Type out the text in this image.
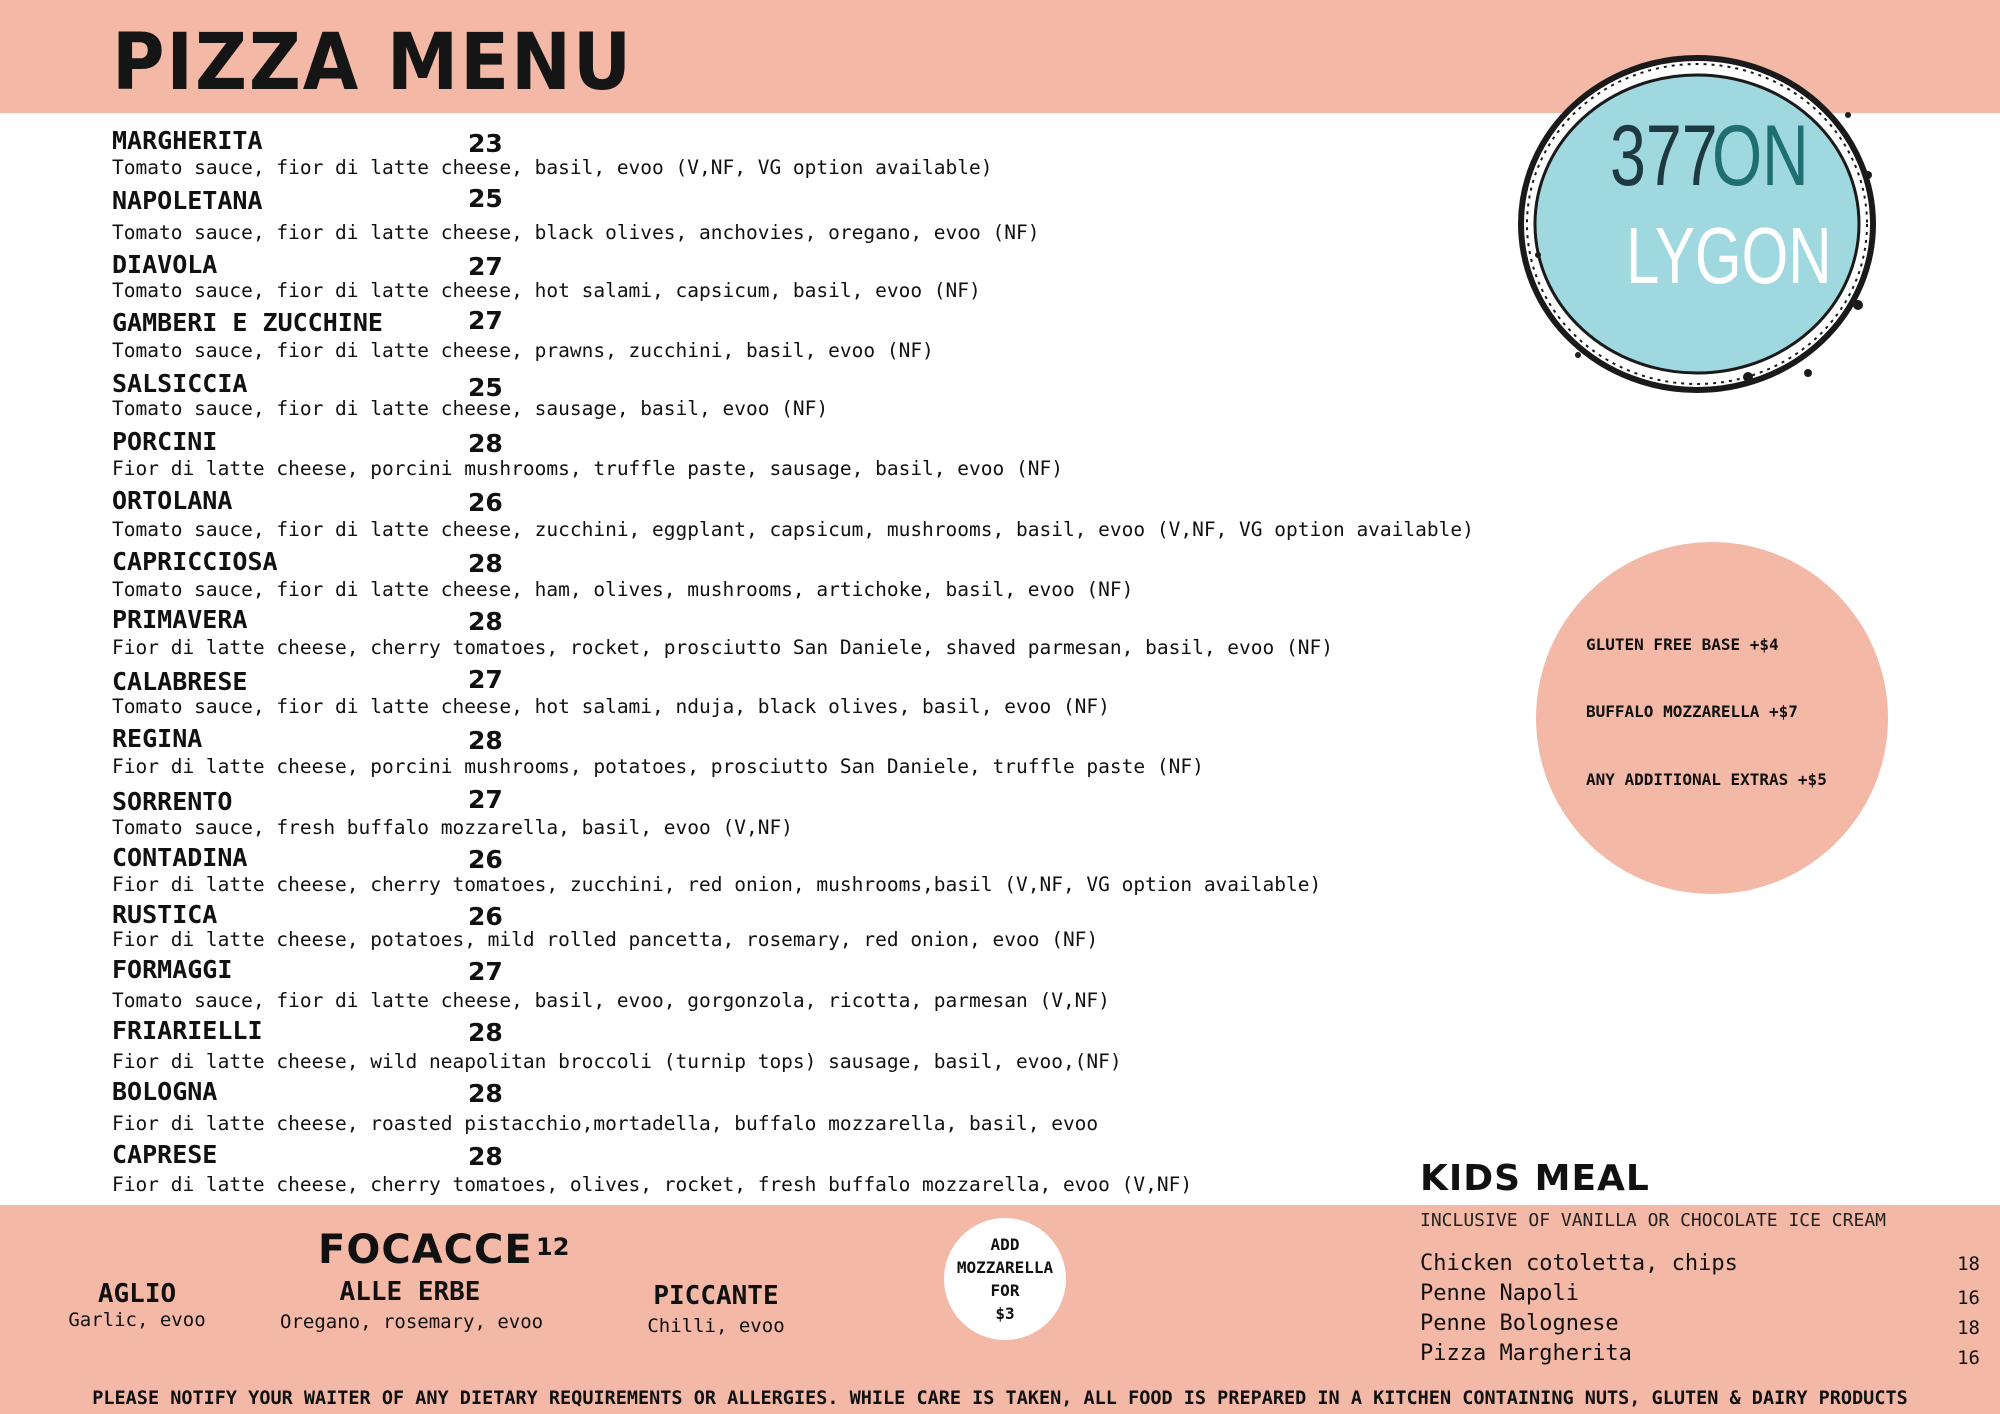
PIZZA MENU
377
ON
LYGON
MARGHERITA	23
Tomato sauce, fior di latte cheese, basil, evoo (V,NF, VG option available)
NAPOLETANA	25
Tomato sauce, fior di latte cheese, black olives, anchovies, oregano, evoo (NF)
DIAVOLA	27
Tomato sauce, fior di latte cheese, hot salami, capsicum, basil, evoo (NF)
GAMBERI E ZUCCHINE	27
Tomato sauce, fior di latte cheese, prawns, zucchini, basil, evoo (NF)
SALSICCIA	25
Tomato sauce, fior di latte cheese, sausage, basil, evoo (NF)
PORCINI	28
Fior di latte cheese, porcini mushrooms, truffle paste, sausage, basil, evoo (NF)
ORTOLANA	26
Tomato sauce, fior di latte cheese, zucchini, eggplant, capsicum, mushrooms, basil, evoo (V,NF, VG option available)
CAPRICCIOSA	28
Tomato sauce, fior di latte cheese, ham, olives, mushrooms, artichoke, basil, evoo (NF)
PRIMAVERA	28
Fior di latte cheese, cherry tomatoes, rocket, prosciutto San Daniele, shaved parmesan, basil, evoo (NF)
CALABRESE	27
Tomato sauce, fior di latte cheese, hot salami, nduja, black olives, basil, evoo (NF)
REGINA	28
Fior di latte cheese, porcini mushrooms, potatoes, prosciutto San Daniele, truffle paste (NF)
SORRENTO	27
Tomato sauce, fresh buffalo mozzarella, basil, evoo (V,NF)
CONTADINA	26
Fior di latte cheese, cherry tomatoes, zucchini, red onion, mushrooms,basil (V,NF, VG option available)
RUSTICA	26
Fior di latte cheese, potatoes, mild rolled pancetta, rosemary, red onion, evoo (NF)
FORMAGGI	27
Tomato sauce, fior di latte cheese, basil, evoo, gorgonzola, ricotta, parmesan (V,NF)
FRIARIELLI	28
Fior di latte cheese, wild neapolitan broccoli (turnip tops) sausage, basil, evoo,(NF)
BOLOGNA	28
Fior di latte cheese, roasted pistacchio,mortadella, buffalo mozzarella, basil, evoo
CAPRESE	28
Fior di latte cheese, cherry tomatoes, olives, rocket, fresh buffalo mozzarella, evoo (V,NF)
GLUTEN FREE BASE +$4
BUFFALO MOZZARELLA +$7
ANY ADDITIONAL EXTRAS +$5
KIDS MEAL
INCLUSIVE OF VANILLA OR CHOCOLATE ICE CREAM
Chicken cotoletta, chips	18
Penne Napoli	16
Penne Bolognese	18
Pizza Margherita	16
FOCACCE 12
AGLIO
Garlic, evoo
ALLE ERBE
Oregano, rosemary, evoo
PICCANTE
Chilli, evoo
ADD
MOZZARELLA
FOR
$3
PLEASE NOTIFY YOUR WAITER OF ANY DIETARY REQUIREMENTS OR ALLERGIES. WHILE CARE IS TAKEN, ALL FOOD IS PREPARED IN A KITCHEN CONTAINING NUTS, GLUTEN & DAIRY PRODUCTS
